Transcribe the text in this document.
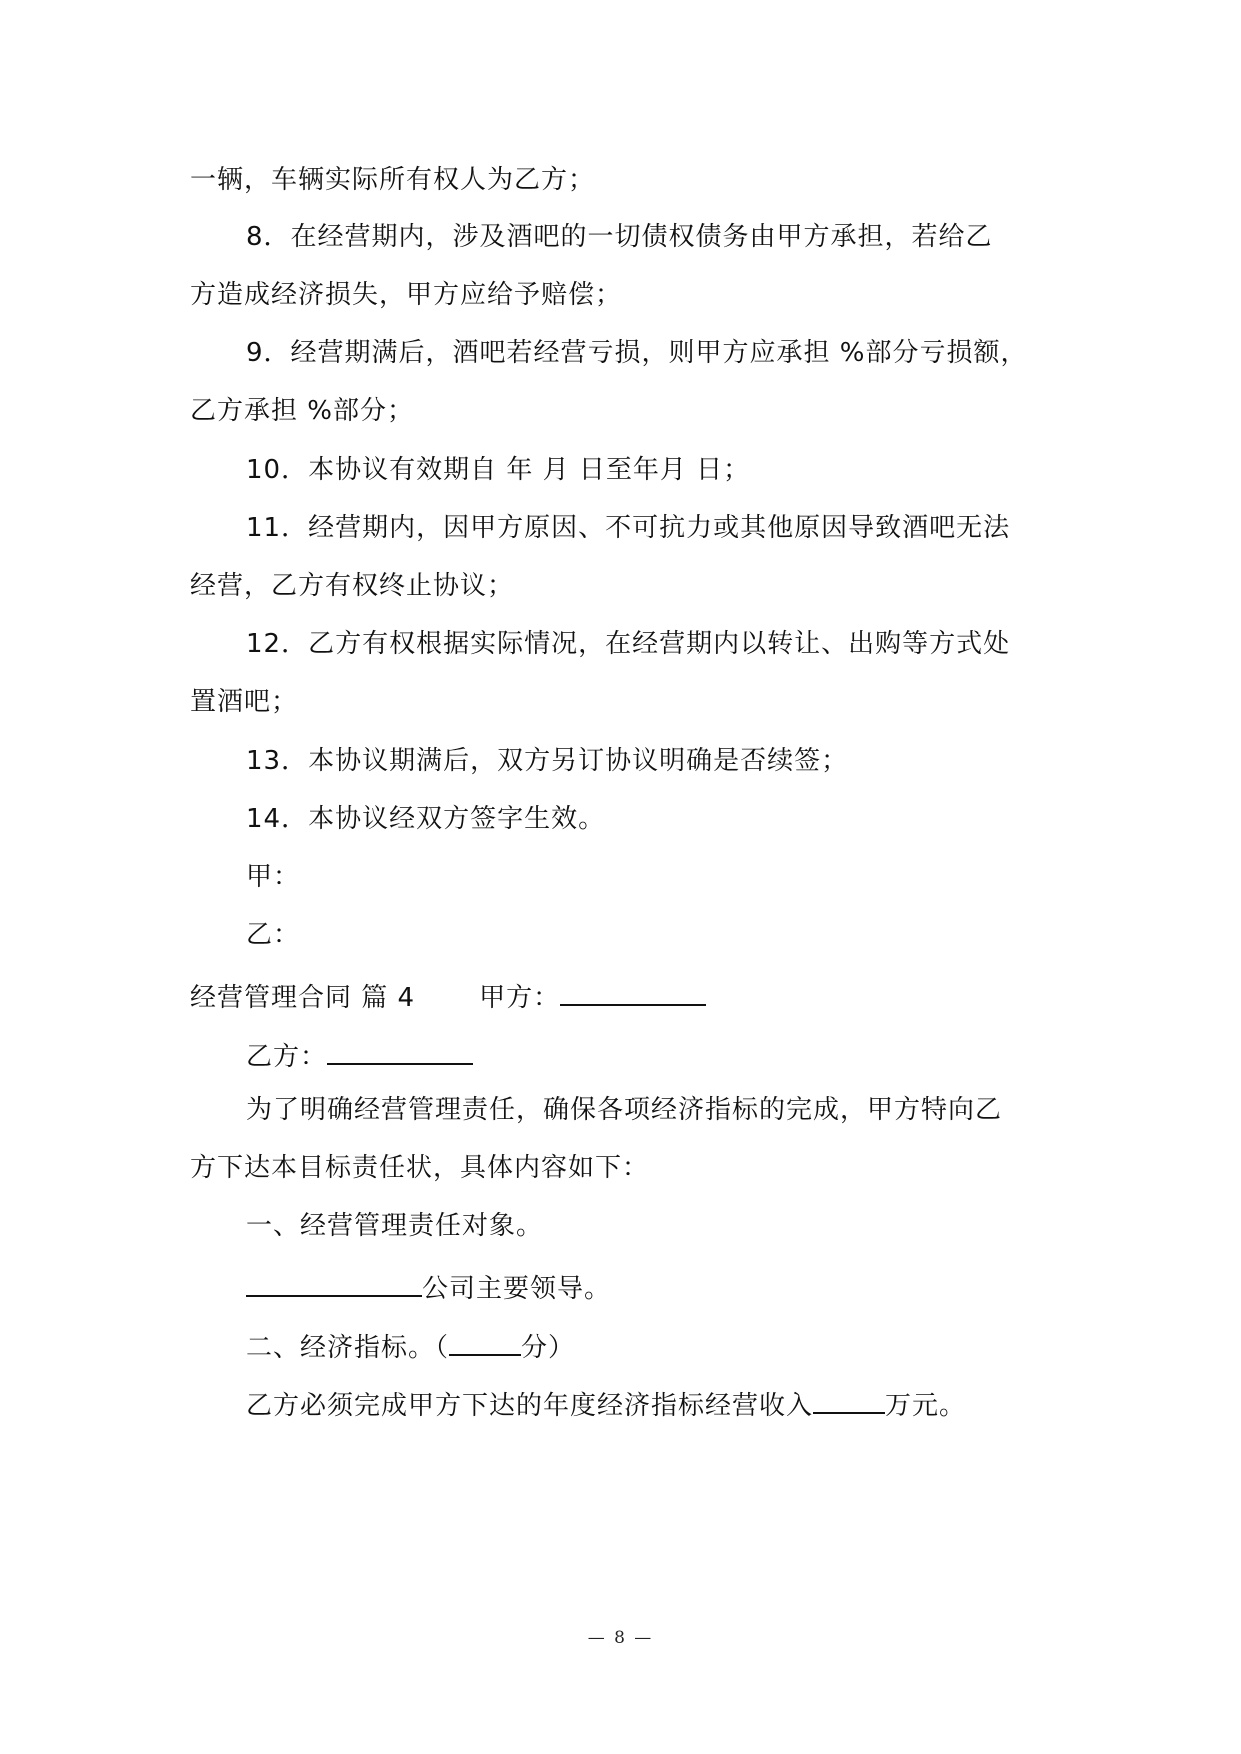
一辆，车辆实际所有权人为乙方；
8．在经营期内，涉及酒吧的一切债权债务由甲方承担，若给乙
方造成经济损失，甲方应给予赔偿；
9．经营期满后，酒吧若经营亏损，则甲方应承担 %部分亏损额，
乙方承担 %部分；
10．本协议有效期自 年 月 日至年月 日；
11．经营期内，因甲方原因、不可抗力或其他原因导致酒吧无法
经营，乙方有权终止协议；
12．乙方有权根据实际情况，在经营期内以转让、出购等方式处
置酒吧；
13．本协议期满后，双方另订协议明确是否续签；
14．本协议经双方签字生效。
甲：
乙：
经营管理合同 篇 4 甲方：
乙方：
为了明确经营管理责任，确保各项经济指标的完成，甲方特向乙
方下达本目标责任状，具体内容如下：
一、经营管理责任对象。
公司主要领导。
二、经济指标。（	分）
乙方必须完成甲方下达的年度经济指标经营收入	万元。
— 8 —
